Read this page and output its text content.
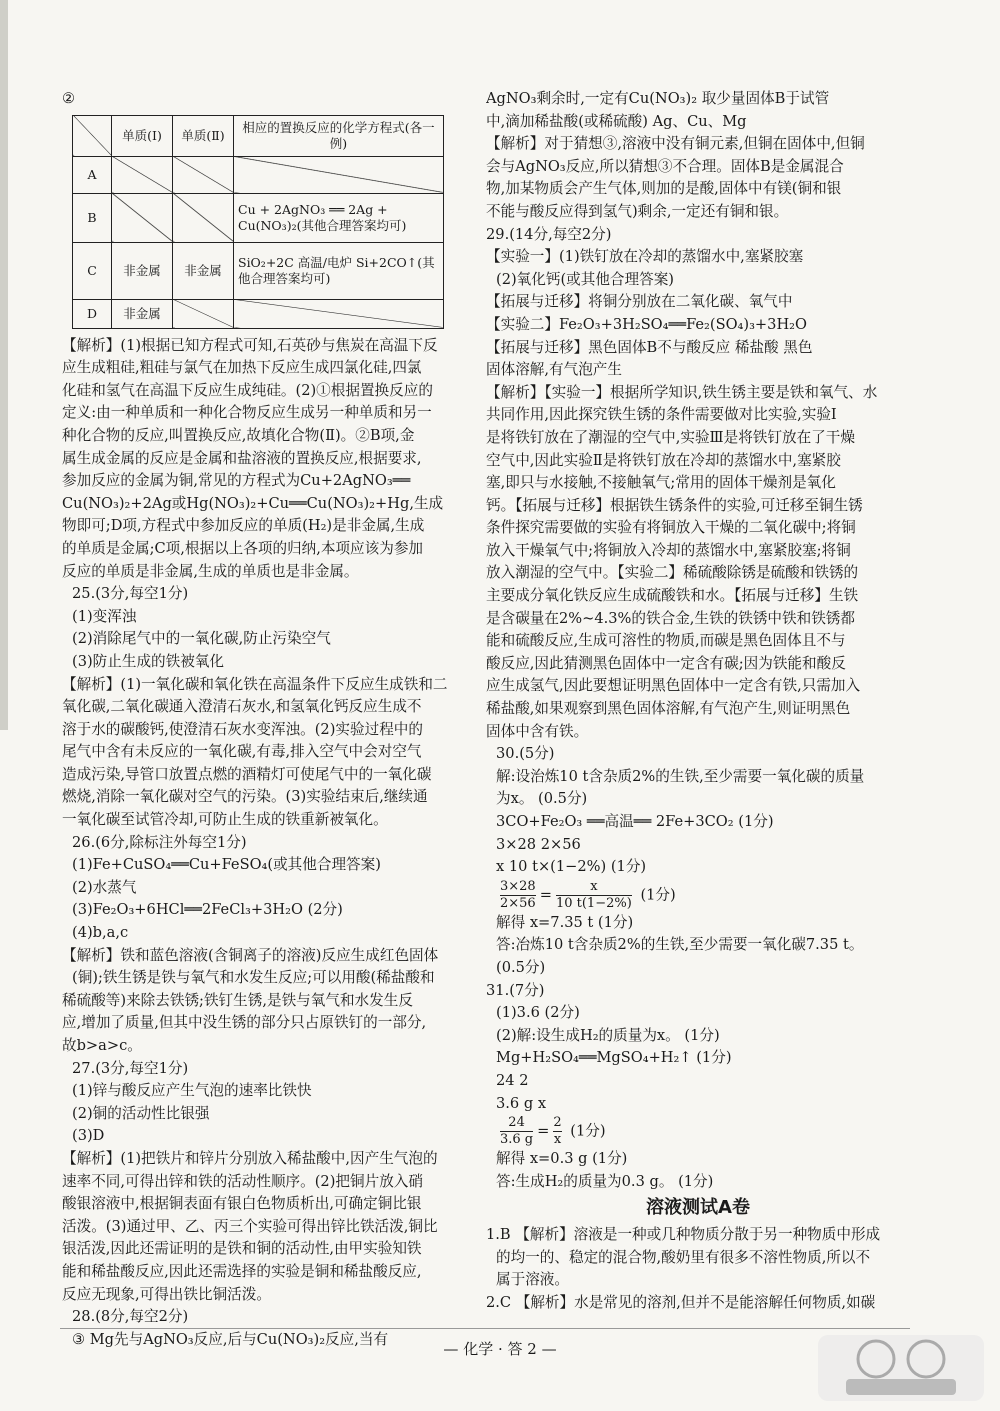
②
	单质(Ⅰ)	单质(Ⅱ)	相应的置换反应的化学方程式(各一例)
A			
B			Cu + 2AgNO₃ ══ 2Ag + Cu(NO₃)₂(其他合理答案均可)
C	非金属	非金属	SiO₂+2C 高温/电炉 Si+2CO↑(其他合理答案均可)
D	非金属		
【解析】(1)根据已知方程式可知,石英砂与焦炭在高温下反
应生成粗硅,粗硅与氯气在加热下反应生成四氯化硅,四氯
化硅和氢气在高温下反应生成纯硅。(2)①根据置换反应的
定义:由一种单质和一种化合物反应生成另一种单质和另一
种化合物的反应,叫置换反应,故填化合物(Ⅱ)。②B项,金
属生成金属的反应是金属和盐溶液的置换反应,根据要求,
参加反应的金属为铜,常见的方程式为Cu+2AgNO₃══
Cu(NO₃)₂+2Ag或Hg(NO₃)₂+Cu══Cu(NO₃)₂+Hg,生成
物即可;D项,方程式中参加反应的单质(H₂)是非金属,生成
的单质是金属;C项,根据以上各项的归纳,本项应该为参加
反应的单质是非金属,生成的单质也是非金属。
25.(3分,每空1分)
(1)变浑浊
(2)消除尾气中的一氧化碳,防止污染空气
(3)防止生成的铁被氧化
【解析】(1)一氧化碳和氧化铁在高温条件下反应生成铁和二
氧化碳,二氧化碳通入澄清石灰水,和氢氧化钙反应生成不
溶于水的碳酸钙,使澄清石灰水变浑浊。(2)实验过程中的
尾气中含有未反应的一氧化碳,有毒,排入空气中会对空气
造成污染,导管口放置点燃的酒精灯可使尾气中的一氧化碳
燃烧,消除一氧化碳对空气的污染。(3)实验结束后,继续通
一氧化碳至试管冷却,可防止生成的铁重新被氧化。
26.(6分,除标注外每空1分)
(1)Fe+CuSO₄══Cu+FeSO₄(或其他合理答案)
(2)水蒸气
(3)Fe₂O₃+6HCl══2FeCl₃+3H₂O (2分)
(4)b,a,c
【解析】铁和蓝色溶液(含铜离子的溶液)反应生成红色固体
(铜);铁生锈是铁与氧气和水发生反应;可以用酸(稀盐酸和
稀硫酸等)来除去铁锈;铁钉生锈,是铁与氧气和水发生反
应,增加了质量,但其中没生锈的部分只占原铁钉的一部分,
故b>a>c。
27.(3分,每空1分)
(1)锌与酸反应产生气泡的速率比铁快
(2)铜的活动性比银强
(3)D
【解析】(1)把铁片和锌片分别放入稀盐酸中,因产生气泡的
速率不同,可得出锌和铁的活动性顺序。(2)把铜片放入硝
酸银溶液中,根据铜表面有银白色物质析出,可确定铜比银
活泼。(3)通过甲、乙、丙三个实验可得出锌比铁活泼,铜比
银活泼,因此还需证明的是铁和铜的活动性,由甲实验知铁
能和稀盐酸反应,因此还需选择的实验是铜和稀盐酸反应,
反应无现象,可得出铁比铜活泼。
28.(8分,每空2分)
③ Mg先与AgNO₃反应,后与Cu(NO₃)₂反应,当有
AgNO₃剩余时,一定有Cu(NO₃)₂ 取少量固体B于试管
中,滴加稀盐酸(或稀硫酸) Ag、Cu、Mg
【解析】对于猜想③,溶液中没有铜元素,但铜在固体中,但铜
会与AgNO₃反应,所以猜想③不合理。固体B是金属混合
物,加某物质会产生气体,则加的是酸,固体中有镁(铜和银
不能与酸反应得到氢气)剩余,一定还有铜和银。
29.(14分,每空2分)
【实验一】(1)铁钉放在冷却的蒸馏水中,塞紧胶塞
(2)氧化钙(或其他合理答案)
【拓展与迁移】将铜分别放在二氧化碳、氧气中
【实验二】Fe₂O₃+3H₂SO₄══Fe₂(SO₄)₃+3H₂O
【拓展与迁移】黑色固体B不与酸反应 稀盐酸 黑色
固体溶解,有气泡产生
【解析】【实验一】根据所学知识,铁生锈主要是铁和氧气、水
共同作用,因此探究铁生锈的条件需要做对比实验,实验Ⅰ
是将铁钉放在了潮湿的空气中,实验Ⅲ是将铁钉放在了干燥
空气中,因此实验Ⅱ是将铁钉放在冷却的蒸馏水中,塞紧胶
塞,即只与水接触,不接触氧气;常用的固体干燥剂是氧化
钙。【拓展与迁移】根据铁生锈条件的实验,可迁移至铜生锈
条件探究需要做的实验有将铜放入干燥的二氧化碳中;将铜
放入干燥氧气中;将铜放入冷却的蒸馏水中,塞紧胶塞;将铜
放入潮湿的空气中。【实验二】稀硫酸除锈是硫酸和铁锈的
主要成分氧化铁反应生成硫酸铁和水。【拓展与迁移】生铁
是含碳量在2%~4.3%的铁合金,生铁的铁锈中铁和铁锈都
能和硫酸反应,生成可溶性的物质,而碳是黑色固体且不与
酸反应,因此猜测黑色固体中一定含有碳;因为铁能和酸反
应生成氢气,因此要想证明黑色固体中一定含有铁,只需加入
稀盐酸,如果观察到黑色固体溶解,有气泡产生,则证明黑色
固体中含有铁。
30.(5分)
解:设治炼10 t含杂质2%的生铁,至少需要一氧化碳的质量
为x。 (0.5分)
3CO+Fe₂O₃ ══高温══ 2Fe+3CO₂ (1分)
3×28 2×56
x 10 t×(1−2%) (1分)
$\frac{3\times 28}{2\times 56} = \frac{x}{10 t(1-2\%)} (1$分)
解得 x=7.35 t (1分)
答:冶炼10 t含杂质2%的生铁,至少需要一氧化碳7.35 t。
(0.5分)
31.(7分)
(1)3.6 (2分)
(2)解:设生成H₂的质量为x。 (1分)
Mg+H₂SO₄══MgSO₄+H₂↑ (1分)
24 2
3.6 g x
$\frac{24}{3.6 g} = \frac{2}{x} (1$分)
解得 x=0.3 g (1分)
答:生成H₂的质量为0.3 g。 (1分)
溶液测试A卷
1.B 【解析】溶液是一种或几种物质分散于另一种物质中形成
的均一的、稳定的混合物,酸奶里有很多不溶性物质,所以不
属于溶液。
2.C 【解析】水是常见的溶剂,但并不是能溶解任何物质,如碳
— 化学 · 答 2 —
